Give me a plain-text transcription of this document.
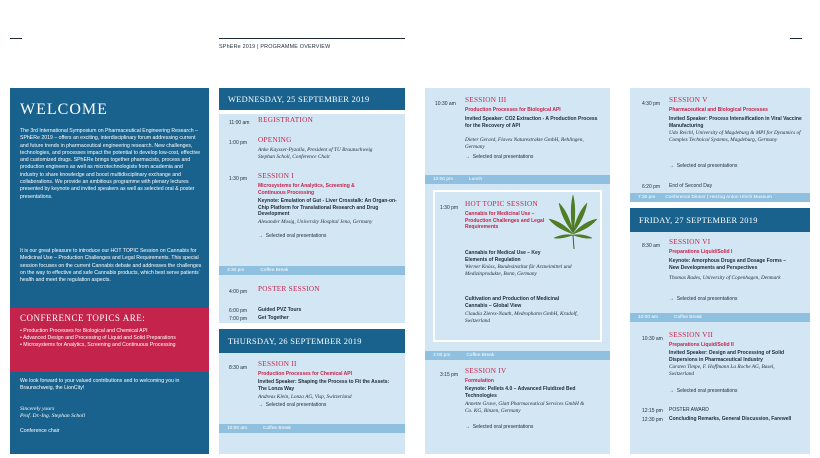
SPhERe 2019 | PROGRAMME OVERVIEW
WELCOME
The 3rd International Symposium on Pharmaceutical Engineering Research – SPhERe 2019 – offers an exciting, interdisciplinary forum addressing current and future trends in pharmaceutical engineering research. New challenges, technologies, and processes impact the potential to develop low-cost, effective and customized drugs. SPhERe brings together pharmacists, process and production engineers as well as microtechnologists from academia and industry to share knowledge and boost multidisciplinary exchange and collaborations. We provide an ambitious programme with plenary lectures presented by keynote and invited speakers as well as selected oral & poster presentations.
It is our great pleasure to introduce our HOT TOPIC Session on Cannabis for Medicinal Use – Production Challenges and Legal Requirements. This special session focuses on the current Cannabis debate and addresses the challenges on the way to effective and safe Cannabis products, which best serve patients´ health and meet the regulation aspects.
CONFERENCE TOPICS ARE:
• Production Processes for Biological and Chemical API
• Advanced Design and Processing of Liquid and Solid Preparations
• Microsystems for Analytics, Screening and Continuous Processing
We look forward to your valued contributions and to welcoming you in Braunschweig, the LionCity!
Sincerely yours
Prof. Dr.-Ing. Stephan Scholl
Conference chair
WEDNESDAY, 25 SEPTEMBER 2019
11:00 am REGISTRATION
1:00 pm OPENING
Anke Kaysser-Pyzalla, President of TU Braunschweig
Stephan Scholl, Conference Chair
1:30 pm SESSION I
Microsystems for Analytics, Screening & Continuous Processing
Keynote: Emulation of Gut - Liver Crosstalk: An Organ-on-Chip Platform for Translational Research and Drug Development
Alexander Mosig, University Hospital Jena, Germany
→ Selected oral presentations
3:30 pm	Coffee Break
4:00 pm POSTER SESSION
6:00 pm Guided PVZ Tours
7:00 pm Get Together
THURSDAY, 26 SEPTEMBER 2019
8:30 am SESSION II
Production Processes for Chemical API
Invited Speaker: Shaping the Process to Fit the Assets: The Lonza Way
Andreas Klein, Lonza AG, Visp, Switzerland
→ Selected oral presentations
10:00 am	Coffee Break
10:30 am SESSION III
Production Processes for Biological API
Invited Speaker: CO2 Extraction - A Production Process for the Recovery of API
Dieter Gerard, Flavex Naturextrakte GmbH, Rehlingen, Germany
→ Selected oral presentations
12:00 pm	Lunch
1:30 pm HOT TOPIC SESSION
Cannabis for Medicinal Use – Production Challenges and Legal Requirements
Cannabis for Medical Use – Key Elements of Regulation
Werner Knöss, Bundesinstitut für Arzneimittel und Medizinprodukte, Bonn, Germany
Cultivation and Production of Medicinal Cannabis – Global View
Claudia Zierex-Nauth, Medropharm GmbH, Kradolf, Switzerland
3:00 pm	Coffee Break
3:15 pm SESSION IV
Formulation
Keynote: Pellets 4.0 – Advanced Fluidized Bed Technologies
Annette Grave, Glatt Pharmaceutical Services GmbH & Co. KG, Binzen, Germany
→ Selected oral presentations
4:30 pm SESSION V
Pharmaceutical and Biological Processes
Invited Speaker: Process Intensification in Viral Vaccine Manufacturing
Udo Reichl, University of Magdeburg & MPI for Dynamics of Complex Technical Systems, Magdeburg, Germany
→ Selected oral presentations
6:20 pm End of Second Day
7:30 pm Conference Dinner | Herzog Anton Ulrich Museum
FRIDAY, 27 SEPTEMBER 2019
8:30 am SESSION VI
Preparations Liquid/Solid I
Keynote: Amorphous Drugs and Dosage Forms – New Developments and Perspectives
Thomas Rades, University of Copenhagen, Denmark
→ Selected oral presentations
10:00 am	Coffee Break
10:30 am SESSION VII
Preparations Liquid/Solid II
Invited Speaker: Design and Processing of Solid Dispersions in Pharmaceutical Industry
Carsten Timpe, F. Hoffmann La Roche AG, Basel, Switzerland
→ Selected oral presentations
12:15 pm POSTER AWARD
12:30 pm Concluding Remarks, General Discussion, Farewell
